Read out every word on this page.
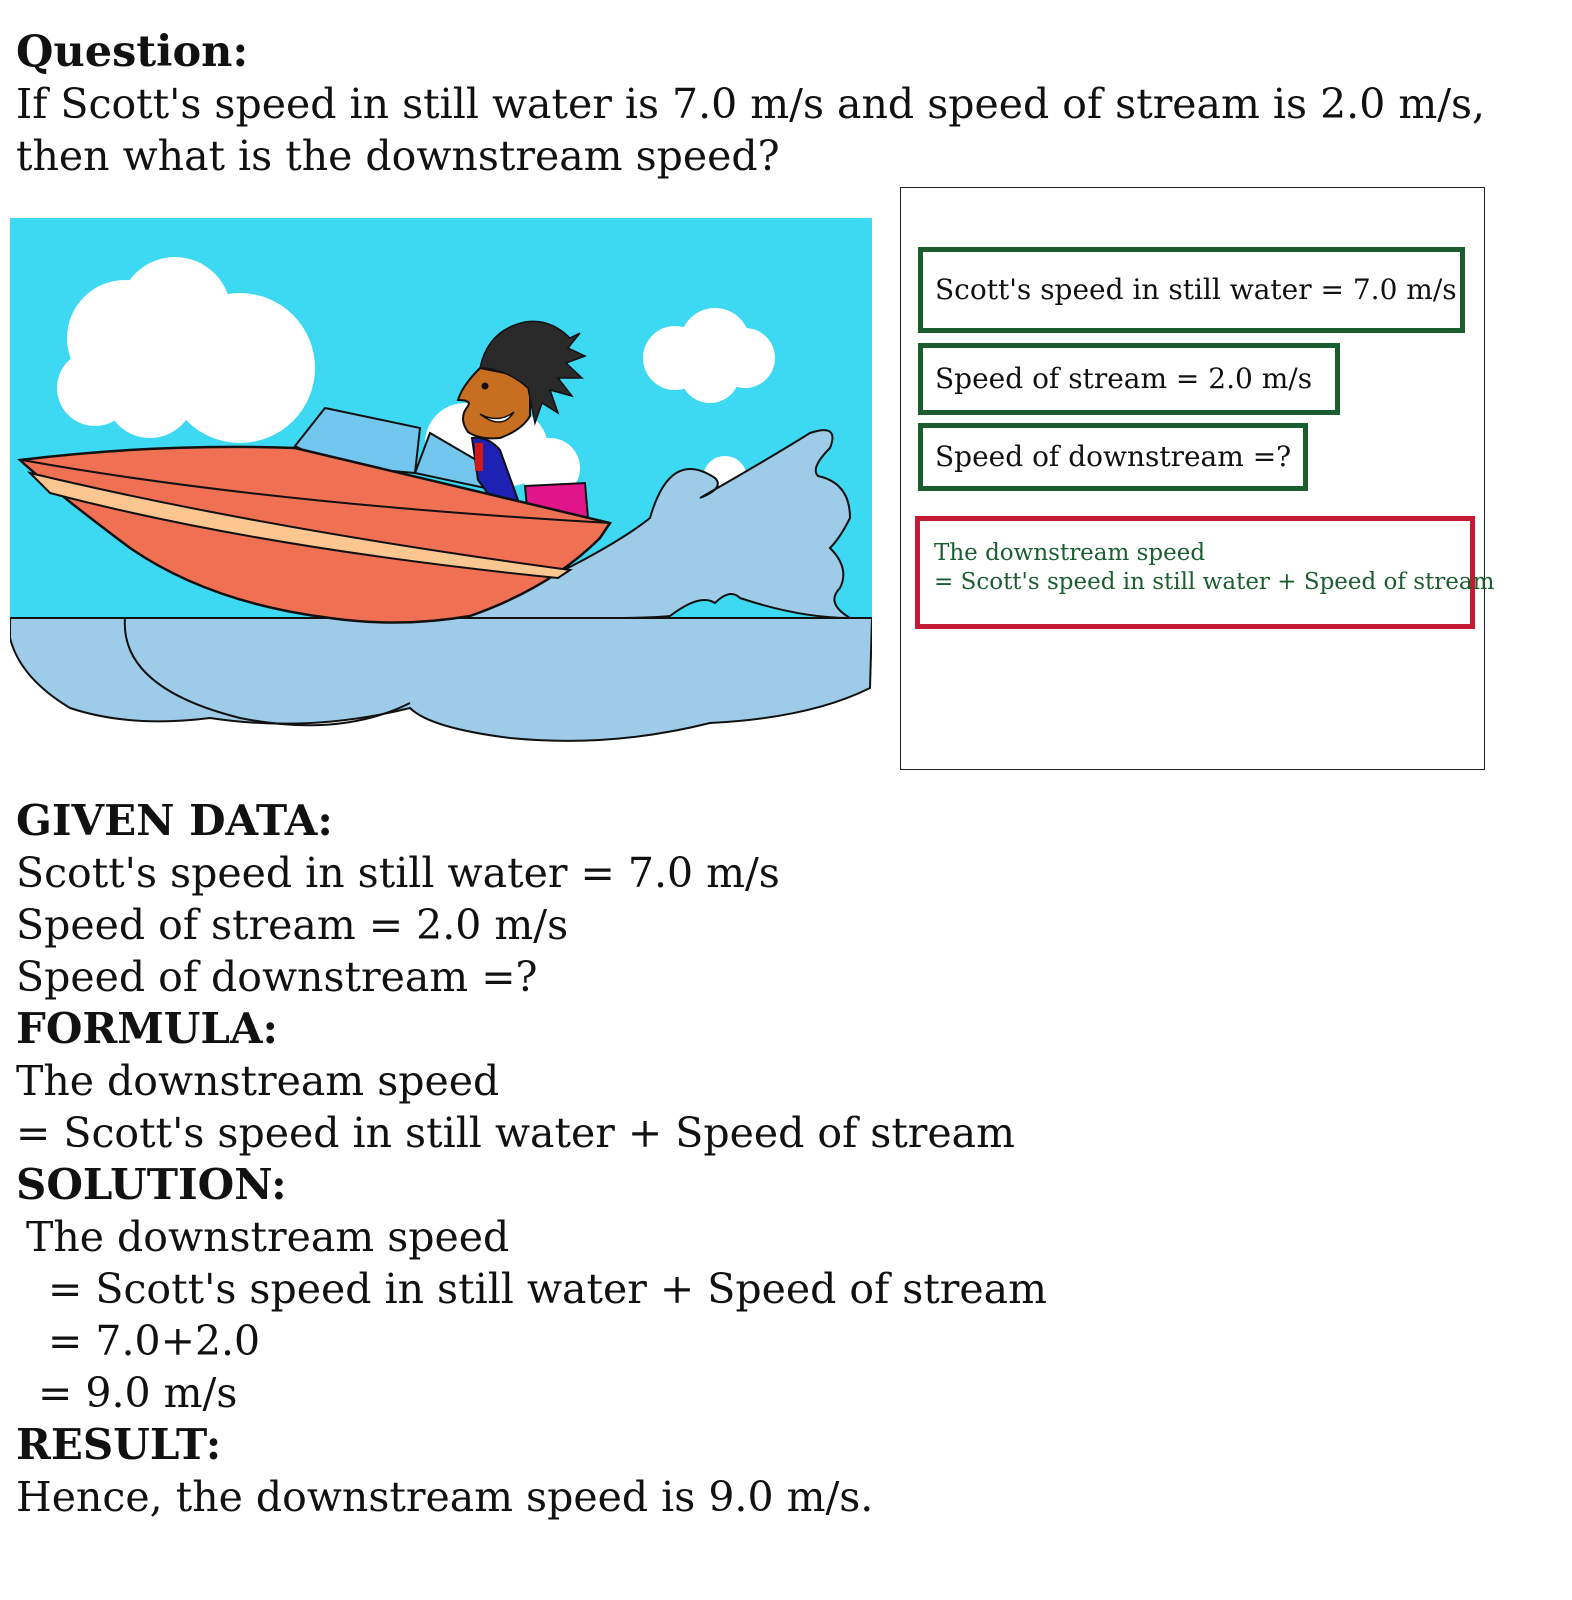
Question:
If Scott's speed in still water is 7.0 m/s and speed of stream is 2.0 m/s,
then what is the downstream speed?
Scott's speed in still water = 7.0 m/s
Speed of stream = 2.0 m/s
Speed of downstream =?
The downstream speed
= Scott's speed in still water + Speed of stream
GIVEN DATA:
Scott's speed in still water = 7.0 m/s
Speed of stream = 2.0 m/s
Speed of downstream =?
FORMULA:
The downstream speed
= Scott's speed in still water + Speed of stream
SOLUTION:
The downstream speed
= Scott's speed in still water + Speed of stream
= 7.0+2.0
= 9.0 m/s
RESULT:
Hence, the downstream speed is 9.0 m/s.
